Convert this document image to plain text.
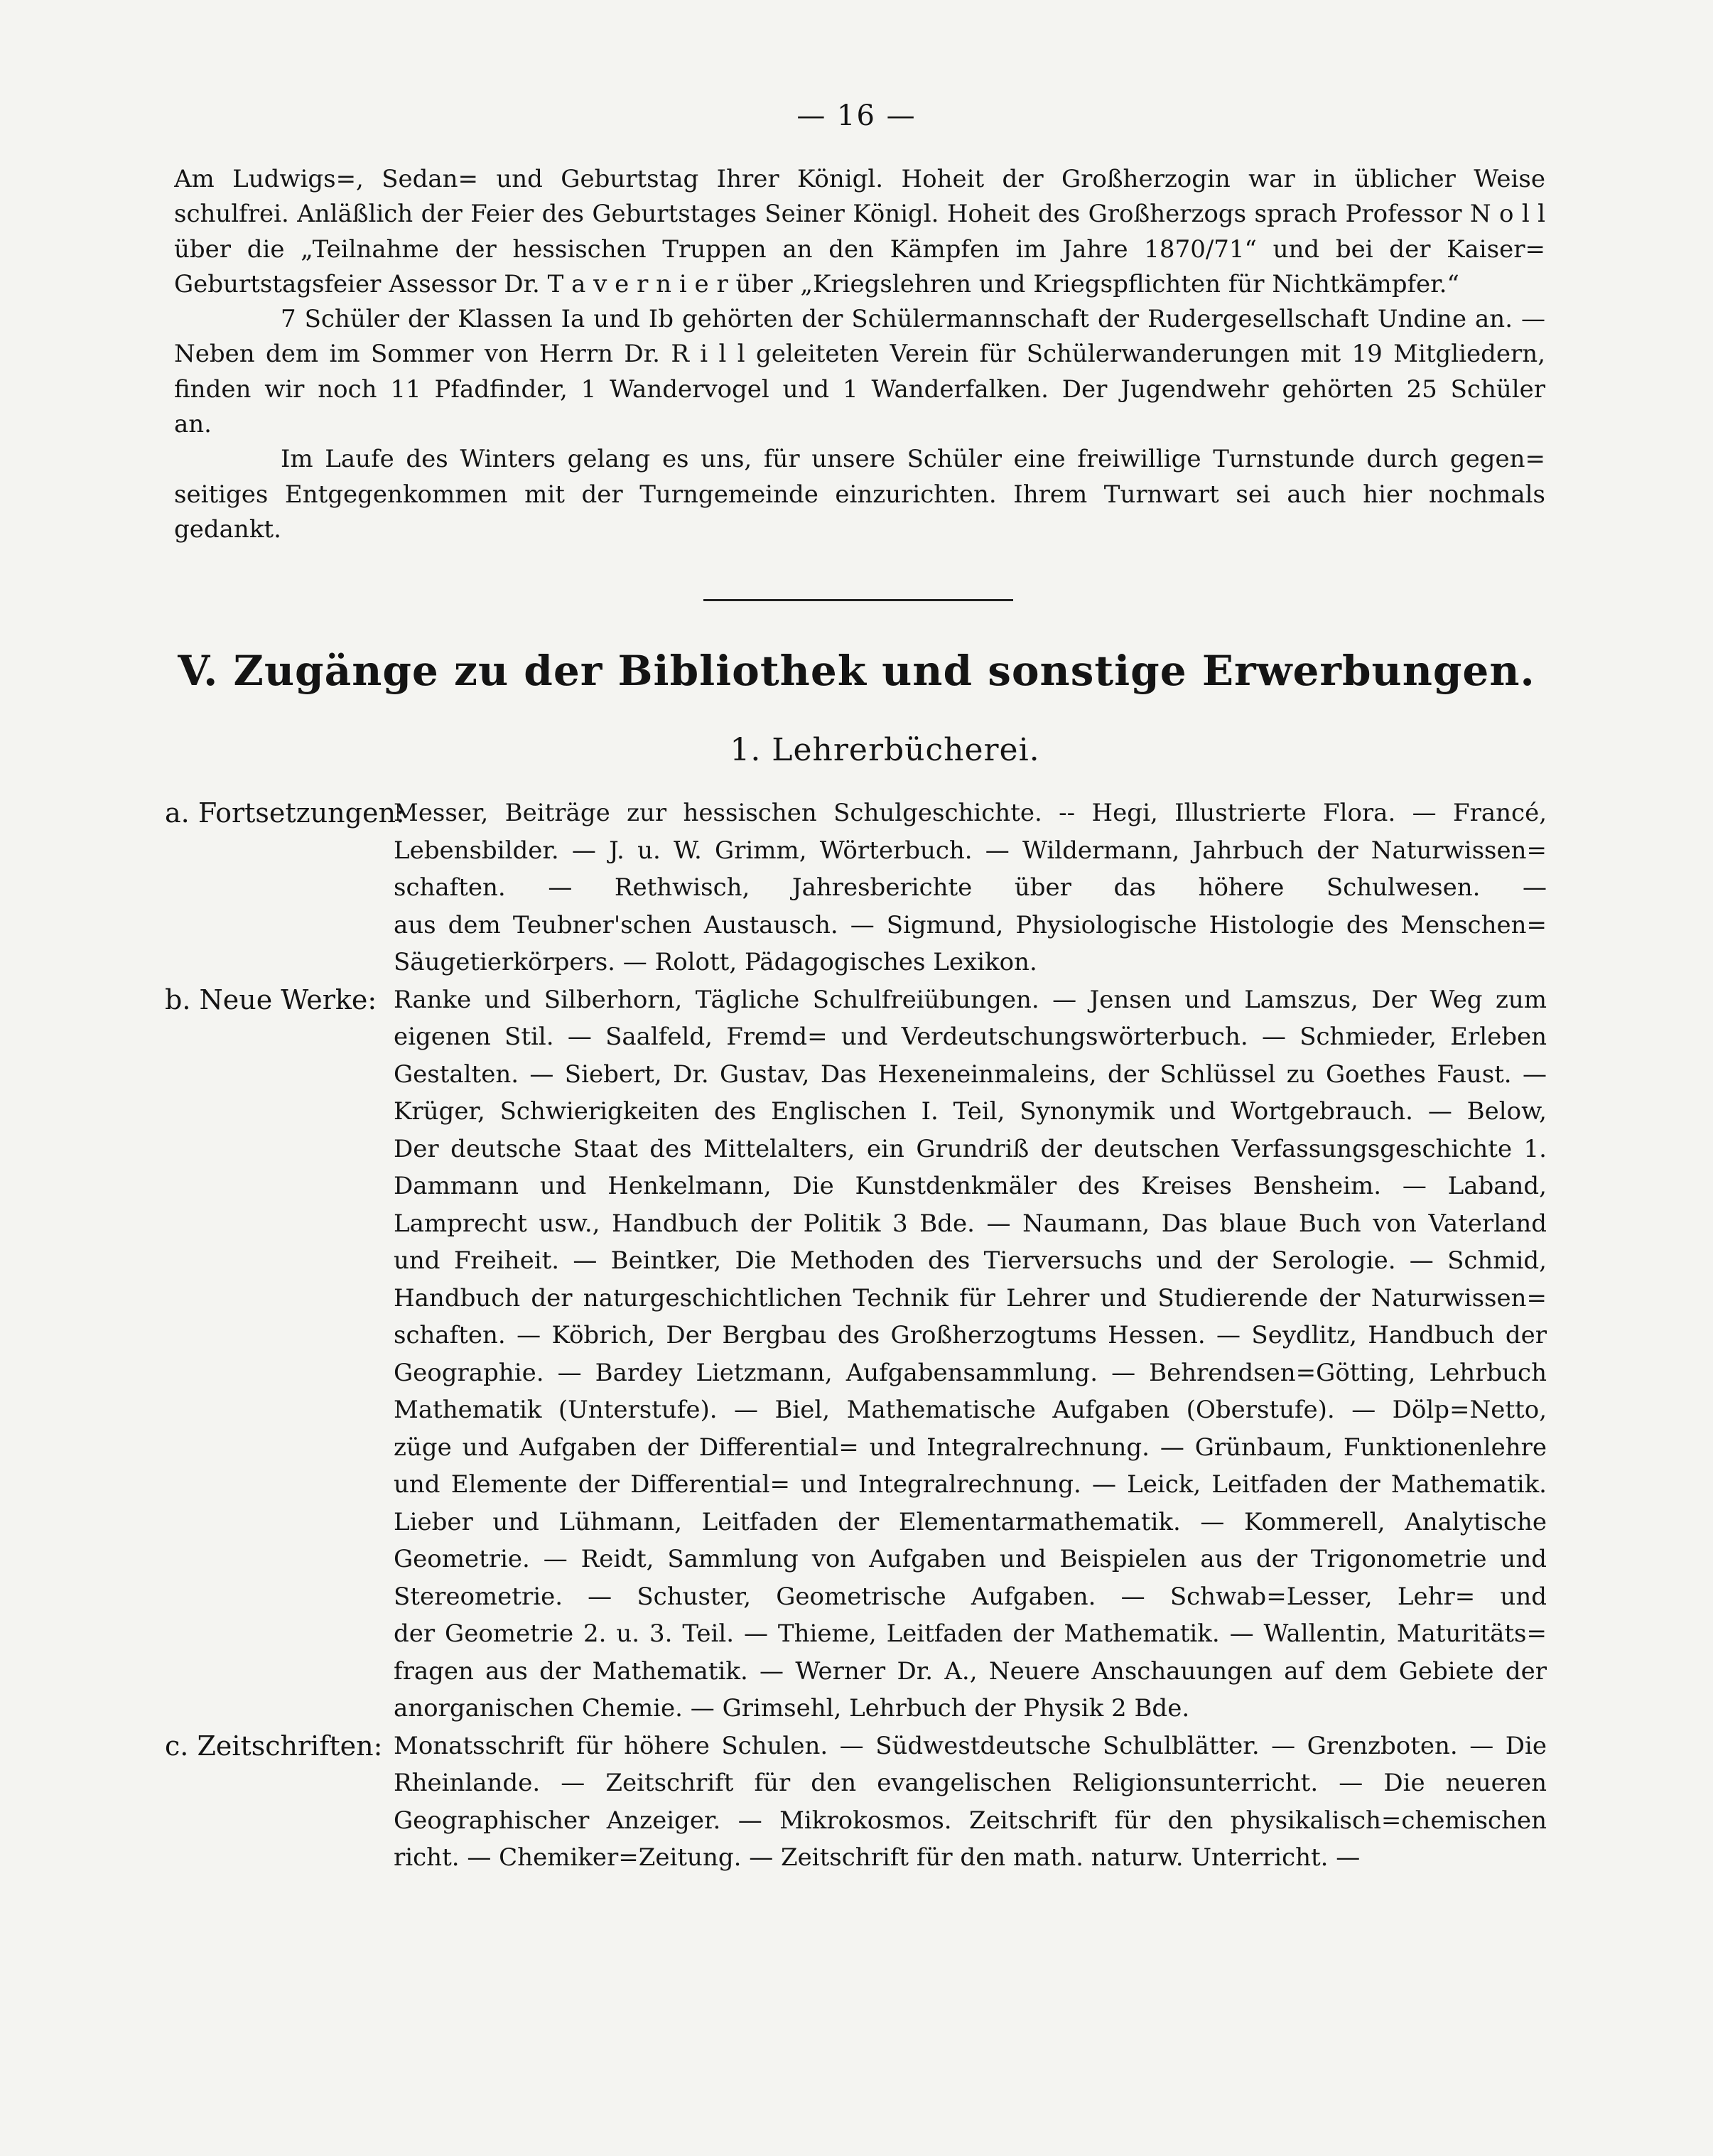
— 16 —
Am Ludwigs=, Sedan= und Geburtstag Ihrer Königl. Hoheit der Großherzogin war in üblicher Weise
schulfrei. Anläßlich der Feier des Geburtstages Seiner Königl. Hoheit des Großherzogs sprach Professor N o l l
über die „Teilnahme der hessischen Truppen an den Kämpfen im Jahre 1870/71“ und bei der Kaiser=
Geburtstagsfeier Assessor Dr. T a v e r n i e r über „Kriegslehren und Kriegspflichten für Nichtkämpfer.“
7 Schüler der Klassen Ia und Ib gehörten der Schülermannschaft der Rudergesellschaft Undine an. —
Neben dem im Sommer von Herrn Dr. R i l l geleiteten Verein für Schülerwanderungen mit 19 Mitgliedern,
finden wir noch 11 Pfadfinder, 1 Wandervogel und 1 Wanderfalken. Der Jugendwehr gehörten 25 Schüler
an.
Im Laufe des Winters gelang es uns, für unsere Schüler eine freiwillige Turnstunde durch gegen=
seitiges Entgegenkommen mit der Turngemeinde einzurichten. Ihrem Turnwart sei auch hier nochmals
gedankt.
V. Zugänge zu der Bibliothek und sonstige Erwerbungen.
1. Lehrerbücherei.
a. Fortsetzungen:
Messer, Beiträge zur hessischen Schulgeschichte. -- Hegi, Illustrierte Flora. — Francé,
Lebensbilder. — J. u. W. Grimm, Wörterbuch. — Wildermann, Jahrbuch der Naturwissen=
schaften. — Rethwisch, Jahresberichte über das höhere Schulwesen. —
aus dem Teubner'schen Austausch. — Sigmund, Physiologische Histologie des Menschen=
Säugetierkörpers. — Rolott, Pädagogisches Lexikon.
b. Neue Werke: Ranke und Silberhorn, Tägliche Schulfreiübungen. — Jensen und Lamszus, Der Weg zum
eigenen Stil. — Saalfeld, Fremd= und Verdeutschungswörterbuch. — Schmieder, Erleben
Gestalten. — Siebert, Dr. Gustav, Das Hexeneinmaleins, der Schlüssel zu Goethes Faust. —
Krüger, Schwierigkeiten des Englischen I. Teil, Synonymik und Wortgebrauch. — Below,
Der deutsche Staat des Mittelalters, ein Grundriß der deutschen Verfassungsgeschichte 1.
Dammann und Henkelmann, Die Kunstdenkmäler des Kreises Bensheim. — Laband,
Lamprecht usw., Handbuch der Politik 3 Bde. — Naumann, Das blaue Buch von Vaterland
und Freiheit. — Beintker, Die Methoden des Tierversuchs und der Serologie. — Schmid,
Handbuch der naturgeschichtlichen Technik für Lehrer und Studierende der Naturwissen=
schaften. — Köbrich, Der Bergbau des Großherzogtums Hessen. — Seydlitz, Handbuch der
Geographie. — Bardey Lietzmann, Aufgabensammlung. — Behrendsen=Götting, Lehrbuch
Mathematik (Unterstufe). — Biel, Mathematische Aufgaben (Oberstufe). — Dölp=Netto,
züge und Aufgaben der Differential= und Integralrechnung. — Grünbaum, Funktionenlehre
und Elemente der Differential= und Integralrechnung. — Leick, Leitfaden der Mathematik.
Lieber und Lühmann, Leitfaden der Elementarmathematik. — Kommerell, Analytische
Geometrie. — Reidt, Sammlung von Aufgaben und Beispielen aus der Trigonometrie und
Stereometrie. — Schuster, Geometrische Aufgaben. — Schwab=Lesser, Lehr= und
der Geometrie 2. u. 3. Teil. — Thieme, Leitfaden der Mathematik. — Wallentin, Maturitäts=
fragen aus der Mathematik. — Werner Dr. A., Neuere Anschauungen auf dem Gebiete der
anorganischen Chemie. — Grimsehl, Lehrbuch der Physik 2 Bde.
c. Zeitschriften: Monatsschrift für höhere Schulen. — Südwestdeutsche Schulblätter. — Grenzboten. — Die
Rheinlande. — Zeitschrift für den evangelischen Religionsunterricht. — Die neueren
Geographischer Anzeiger. — Mikrokosmos. Zeitschrift für den physikalisch=chemischen
richt. — Chemiker=Zeitung. — Zeitschrift für den math. naturw. Unterricht. —
